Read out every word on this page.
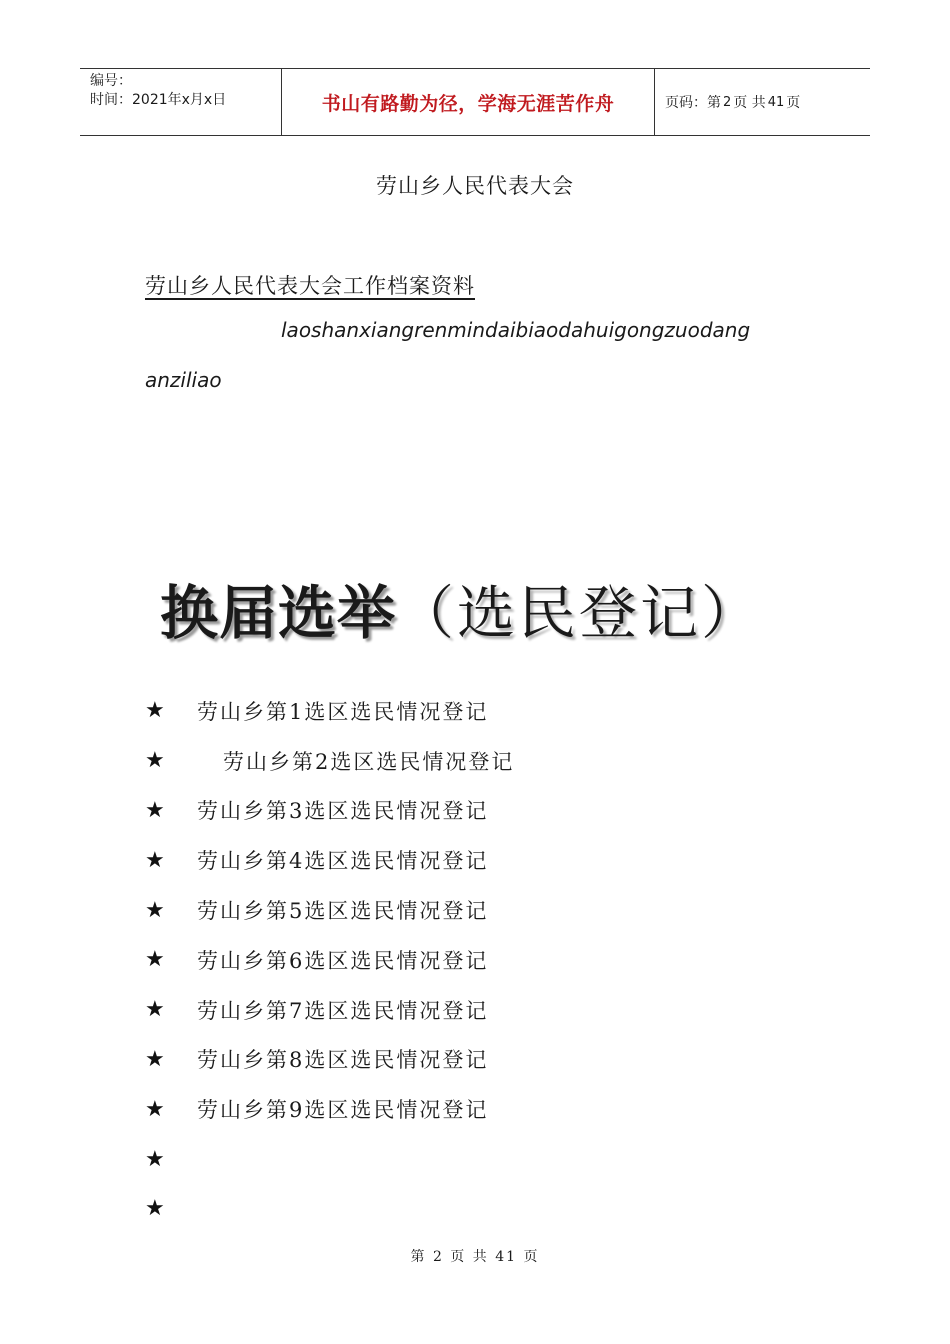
编号：
时间：2021年x月x日	书山有路勤为径，学海无涯苦作舟	页码：第 2 页 共 41 页
劳山乡人民代表大会
劳山乡人民代表大会工作档案资料
laoshanxiangrenmindaibiaodahuigongzuodang
anziliao
换届选举（选民登记）
★	劳山乡第1选区选民情况登记
★	劳山乡第2选区选民情况登记
★	劳山乡第3选区选民情况登记
★	劳山乡第4选区选民情况登记
★	劳山乡第5选区选民情况登记
★	劳山乡第6选区选民情况登记
★	劳山乡第7选区选民情况登记
★	劳山乡第8选区选民情况登记
★	劳山乡第9选区选民情况登记
★
★
第 2 页 共 41 页
